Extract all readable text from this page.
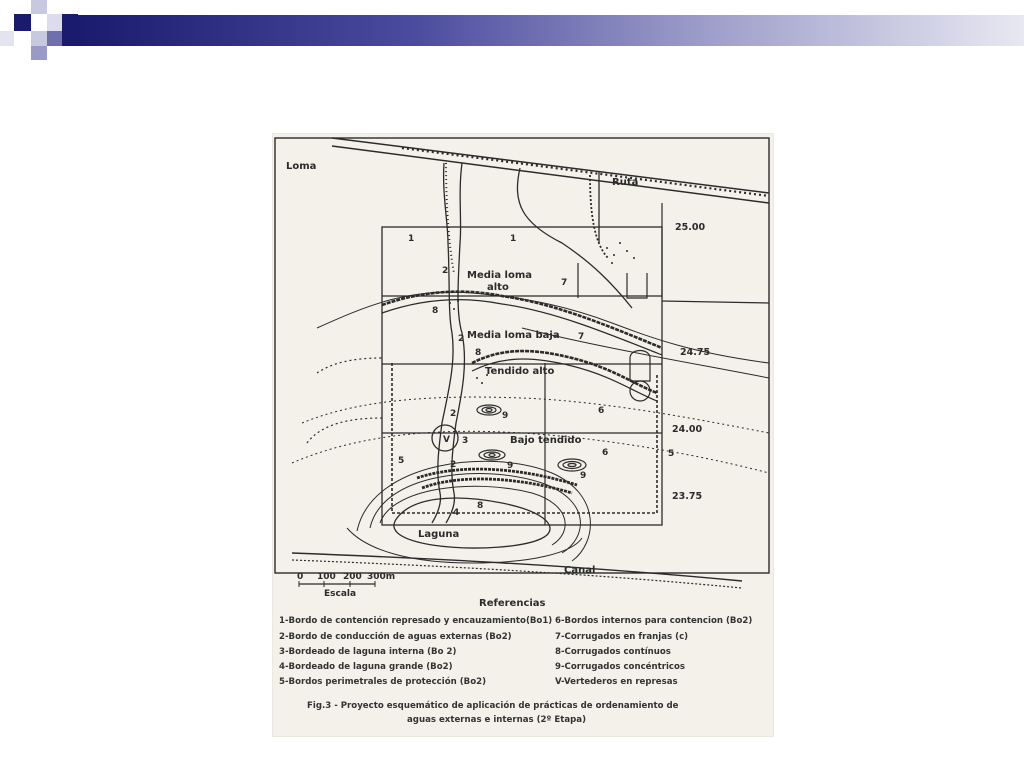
Loma
Ruta
Media loma
alto
Media loma baja
Tendido alto
Bajo tendido
Laguna
Canal
25.00
24.75
24.00
23.75
1	1
2
7
8
2	7
8
6
2
3
V
9
5	2	9
6
9
5
4
8
0 100 200 300m
Escala
Referencias
1-Bordo de contención represado y encauzamiento(Bo1)
2-Bordo de conducción de aguas externas (Bo2)
3-Bordeado de laguna interna (Bo 2)
4-Bordeado de laguna grande (Bo2)
5-Bordos perimetrales de protección (Bo2)
6-Bordos internos para contencion (Bo2)
7-Corrugados en franjas (c)
8-Corrugados contínuos
9-Corrugados concéntricos
V-Vertederos en represas
Fig.3 - Proyecto esquemático de aplicación de prácticas de ordenamiento de
aguas externas e internas (2º Etapa)
